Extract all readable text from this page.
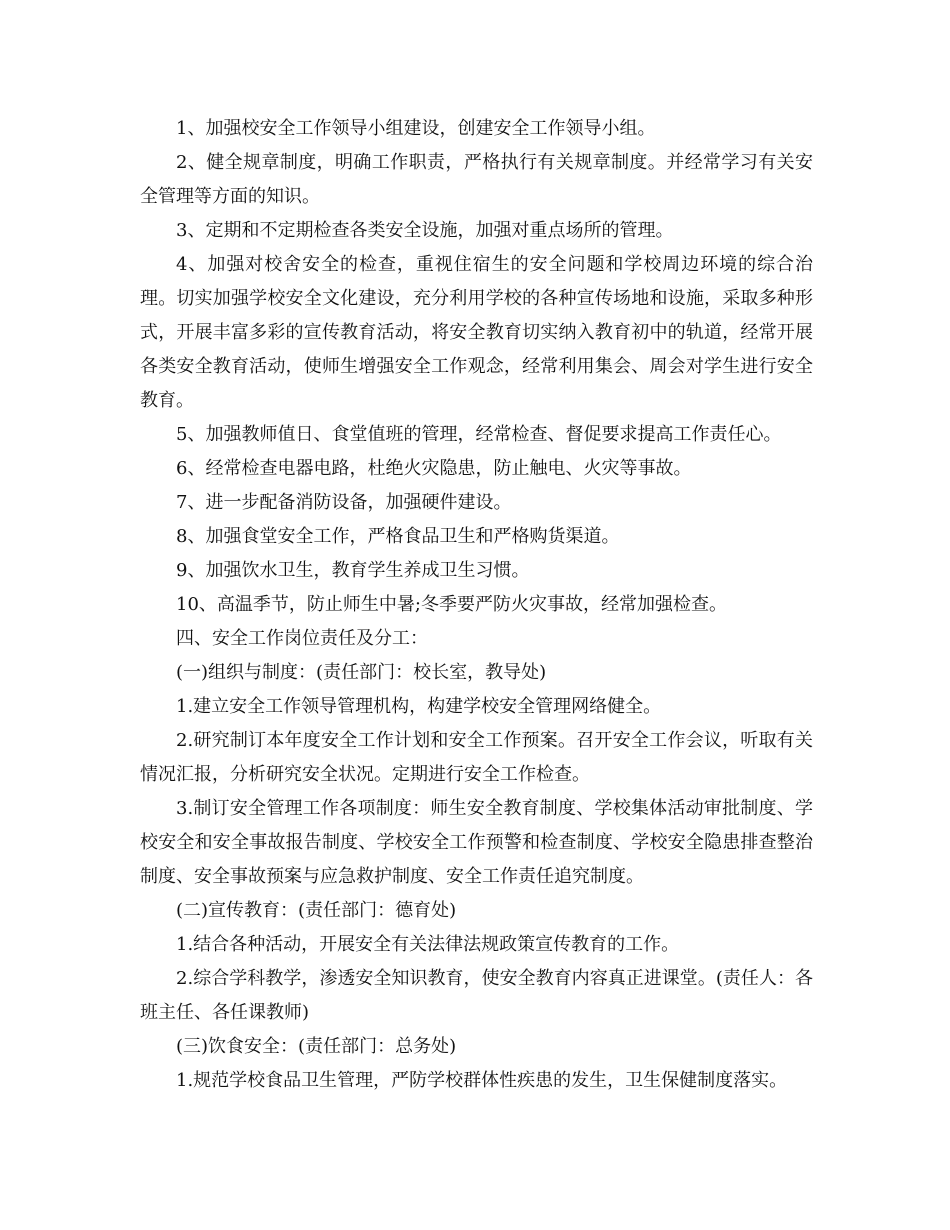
1、加强校安全工作领导小组建设，创建安全工作领导小组。

2、健全规章制度，明确工作职责，严格执行有关规章制度。并经常学习有关安全管理等方面的知识。

3、定期和不定期检查各类安全设施，加强对重点场所的管理。

4、加强对校舍安全的检查，重视住宿生的安全问题和学校周边环境的综合治理。切实加强学校安全文化建设，充分利用学校的各种宣传场地和设施，采取多种形式，开展丰富多彩的宣传教育活动，将安全教育切实纳入教育初中的轨道，经常开展各类安全教育活动，使师生增强安全工作观念，经常利用集会、周会对学生进行安全教育。

5、加强教师值日、食堂值班的管理，经常检查、督促要求提高工作责任心。

6、经常检查电器电路，杜绝火灾隐患，防止触电、火灾等事故。

7、进一步配备消防设备，加强硬件建设。

8、加强食堂安全工作，严格食品卫生和严格购货渠道。

9、加强饮水卫生，教育学生养成卫生习惯。

10、高温季节，防止师生中暑;冬季要严防火灾事故，经常加强检查。

四、安全工作岗位责任及分工：

(一)组织与制度：(责任部门：校长室，教导处)

1.建立安全工作领导管理机构，构建学校安全管理网络健全。

2.研究制订本年度安全工作计划和安全工作预案。召开安全工作会议，听取有关情况汇报，分析研究安全状况。定期进行安全工作检查。

3.制订安全管理工作各项制度：师生安全教育制度、学校集体活动审批制度、学校安全和安全事故报告制度、学校安全工作预警和检查制度、学校安全隐患排查整治制度、安全事故预案与应急救护制度、安全工作责任追究制度。

(二)宣传教育：(责任部门：德育处)

1.结合各种活动，开展安全有关法律法规政策宣传教育的工作。

2.综合学科教学，渗透安全知识教育，使安全教育内容真正进课堂。(责任人：各班主任、各任课教师)

(三)饮食安全：(责任部门：总务处)

1.规范学校食品卫生管理，严防学校群体性疾患的发生，卫生保健制度落实。
